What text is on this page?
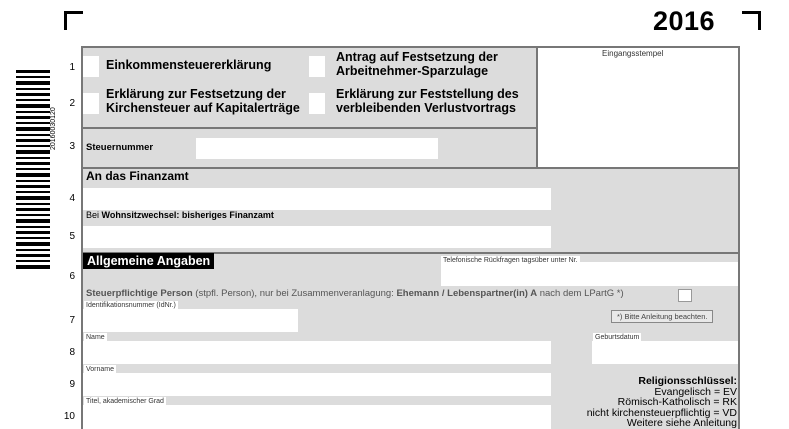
2016
20160030120
1
2
3
4
5
6
7
8
9
10
Eingangsstempel
Einkommensteuererklärung
Antrag auf Festsetzung der
Arbeitnehmer-Sparzulage
Erklärung zur Festsetzung der
Kirchensteuer auf Kapitalerträge
Erklärung zur Feststellung des
verbleibenden Verlustvortrags
Steuernummer
An das Finanzamt
Bei Wohnsitzwechsel: bisheriges Finanzamt
Allgemeine Angaben	Telefonische Rückfragen tagsüber unter Nr.
Steuerpflichtige Person (stpfl. Person), nur bei Zusammenveranlagung: Ehemann / Lebenspartner(in) A nach dem LPartG *)
Identifikationsnummer (IdNr.)
*) Bitte Anleitung beachten.
Name	Geburtsdatum
Vorname
Titel, akademischer Grad
Religionsschlüssel:
Evangelisch = EV
Römisch-Katholisch = RK
nicht kirchensteuerpflichtig = VD
Weitere siehe Anleitung
